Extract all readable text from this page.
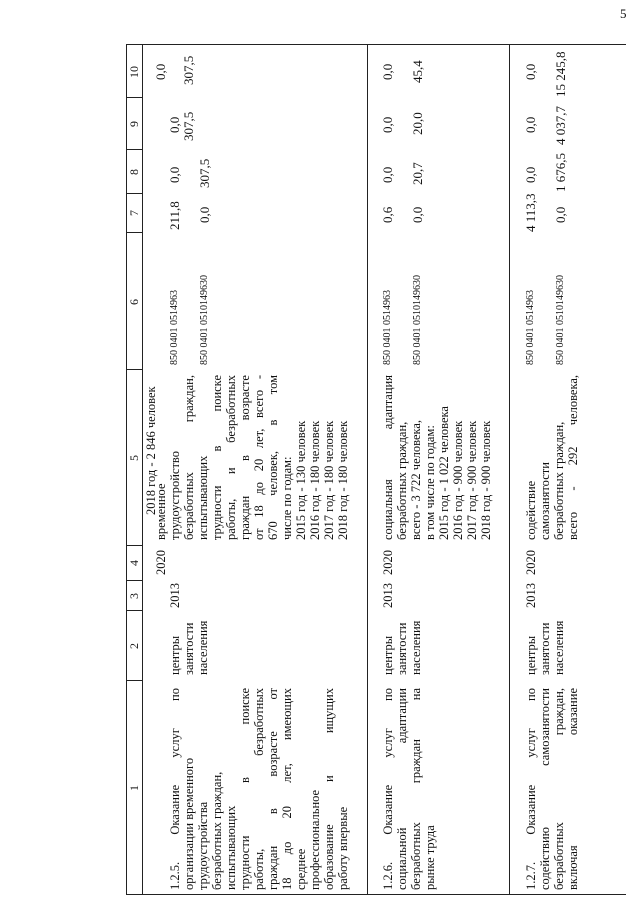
5
1
2
3
4
5
6
7
8
9
10
2018 год - 2 846 человек
1.2.5. Оказание услуг по организации временного трудоустройства безработных граждан, испытывающих трудности в поиске работы, безработных граждан в возрасте от 18 до 20 лет, имеющих среднее профессиональное образование и ищущих работу впервые
центры занятости населения
2013
2020
временное трудоустройство безработных граждан, испытывающих трудности в поиске работы, и безработных граждан в возрасте от 18 до 20 лет, всего - 670 человек, в том числе по годам: 2015 год - 130 человек 2016 год - 180 человек 2017 год - 180 человек 2018 год - 180 человек
850 0401 0514963 850 0401 0510149630
211,8 0,0
0,0 307,5
0,0 307,5
0,0 307,5
1.2.6. Оказание услуг по социальной адаптации безработных граждан на рынке труда
центры занятости населения
2013
2020
социальная адаптация безработных граждан, всего - 3 722 человека, в том числе по годам: 2015 год - 1 022 человека 2016 год - 900 человек 2017 год - 900 человек 2018 год - 900 человек
850 0401 0514963 850 0401 0510149630
0,6 0,0
0,0 20,7
0,0 20,0
0,0 45,4
1.2.7. Оказание услуг по содействию самозанятости безработных граждан, включая оказание
центры занятости населения
2013
2020
содействие самозанятости безработных граждан, всего - 292 человека,
850 0401 0514963 850 0401 0510149630
4 113,3 0,0
0,0 1 676,5
0,0 4 037,7
0,0 15 245,8
